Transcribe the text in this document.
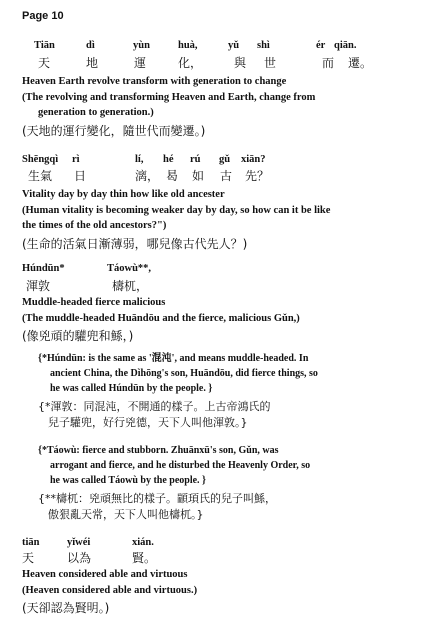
Page 10
Tiān	dì	yùn	huà,	yǔ shì	ér qiān.
天	地	運	化，	與 世	而 遷。
Heaven Earth revolve transform with generation to change
(The revolving and transforming Heaven and Earth, change from
generation to generation.)
(天地的運行變化，隨世代而變遷。)
Shēngqì rì	lí, hé rú gǔ xiān?
生氣 日	漓， 曷 如 古 先？
Vitality day by day thin how like old ancester
(Human vitality is becoming weaker day by day, so how can it be like
the times of the old ancestors?")
(生命的活氣日漸薄弱，哪兒像古代先人？)
Húndūn*	Táowù**,
渾敦	檮杌，
Muddle-headed fierce malicious
(The muddle-headed Huāndōu and the fierce, malicious Gǔn,)
(像兇頑的驩兜和鯀，)
{*Húndūn: is the same as '混沌', and means muddle-headed. In
ancient China, the Dìhōng's son, Huāndōu, did fierce things, so
he was called Húndūn by the people. }
{*渾敦：同混沌，不開通的樣子。上古帝鴻氏的
兒子驩兜，好行兇德，天下人叫他渾敦。}
{*Táowù: fierce and stubborn. Zhuānxū's son, Gǔn, was
arrogant and fierce, and he disturbed the Heavenly Order, so
he was called Táowù by the people. }
{**檮杌：兇頑無比的樣子。顓頊氏的兒子叫鯀，
傲狠亂天常，天下人叫他檮杌。}
tiān	yǐwéi	xián.
天	以為	賢。
Heaven considered able and virtuous
(Heaven considered able and virtuous.)
(天卻認為賢明。)
